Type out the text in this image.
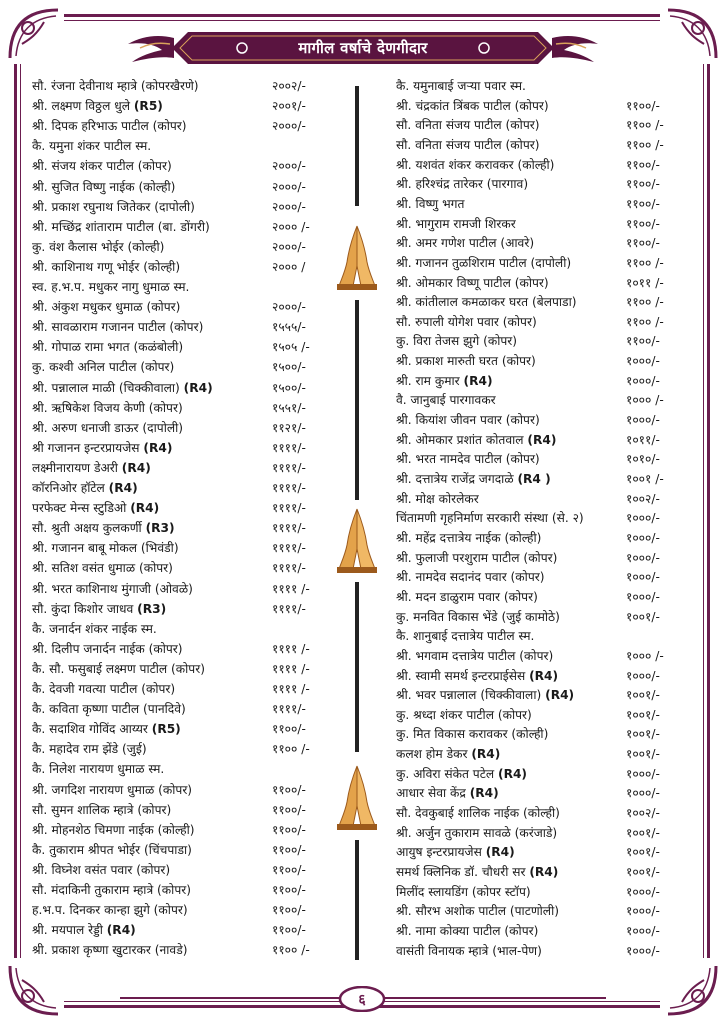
मागील वर्षाचे देणगीदार
सौ. रंजना देवीनाथ म्हात्रे (कोपरखैरणे)	२००२/-
श्री. लक्ष्मण विठ्ठल धुले (R5)	२००१/-
श्री. दिपक हरिभाऊ पाटील (कोपर)	२०००/-
कै. यमुना शंकर पाटील स्म.
श्री. संजय शंकर पाटील (कोपर)	२०००/-
श्री. सुजित विष्णु नाईक (कोल्ही)	२०००/-
श्री. प्रकाश रघुनाथ जितेकर (दापोली)	२०००/-
श्री. मच्छिंद्र शांताराम पाटील (बा. डोंगरी)	२००० /-
कु. वंश कैलास भोईर (कोल्ही)	२०००/-
श्री. काशिनाथ गणू भोईर (कोल्ही)	२००० /
स्व. ह.भ.प. मधुकर नागु धुमाळ स्म.
श्री. अंकुश मधुकर धुमाळ (कोपर)	२०००/-
श्री. सावळाराम गजानन पाटील (कोपर)	१५५५/-
श्री. गोपाळ रामा भगत (कळंबोली)	१५०५ /-
कु. कश्वी अनिल पाटील (कोपर)	१५००/-
श्री. पन्नालाल माळी (चिक्कीवाला) (R4)	१५००/-
श्री. ऋषिकेश विजय केणी (कोपर)	१५५१/-
श्री. अरुण धनाजी डाऊर (दापोली)	११२१/-
श्री गजानन इन्टरप्रायजेस (R4)	११११/-
लक्ष्मीनारायण डेअरी (R4)	११११/-
कॉरनिओर हॉटेल (R4)	११११/-
परफेक्ट मेन्स स्टुडिओ (R4)	११११/-
सौ. श्रुती अक्षय कुलकर्णी (R3)	११११/-
श्री. गजानन बाबू मोकल (भिवंडी)	११११/-
श्री. सतिश वसंत धुमाळ (कोपर)	११११/-
श्री. भरत काशिनाथ मुंगाजी (ओवळे)	११११ /-
सौ. कुंदा किशोर जाधव (R3)	११११/-
कै. जनार्दन शंकर नाईक स्म.
श्री. दिलीप जनार्दन नाईक (कोपर)	११११ /-
कै. सौ. फसुबाई लक्ष्मण पाटील (कोपर)	११११ /-
कै. देवजी गवत्या पाटील (कोपर)	११११ /-
कै. कविता कृष्णा पाटील (पानदिवे)	११११/-
कै. सदाशिव गोविंद आय्यर (R5)	११००/-
कै. महादेव राम झेंडे (जुई)	११०० /-
कै. निलेश नारायण धुमाळ स्म.
श्री. जगदिश नारायण धुमाळ (कोपर)	११००/-
सौ. सुमन शालिक म्हात्रे (कोपर)	११००/-
श्री. मोहनशेठ चिमणा नाईक (कोल्ही)	११००/-
कै. तुकाराम श्रीपत भोईर (चिंचपाडा)	११००/-
श्री. विघ्नेश वसंत पवार (कोपर)	११००/-
सौ. मंदाकिनी तुकाराम म्हात्रे (कोपर)	११००/-
ह.भ.प. दिनकर कान्हा झुगे (कोपर)	११००/-
श्री. मयपाल रेड्डी (R4)	११००/-
श्री. प्रकाश कृष्णा खुटारकर (नावडे)	११०० /-
कै. यमुनाबाई जऱ्या पवार स्म.
श्री. चंद्रकांत त्रिंबक पाटील (कोपर)	११००/-
सौ. वनिता संजय पाटील (कोपर)	११०० /-
सौ. वनिता संजय पाटील (कोपर)	११०० /-
श्री. यशवंत शंकर करावकर (कोल्ही)	११००/-
श्री. हरिश्चंद्र तारेकर (पारगाव)	११००/-
श्री. विष्णु भगत	११००/-
श्री. भागुराम रामजी शिरकर	११००/-
श्री. अमर गणेश पाटील (आवरे)	११००/-
श्री. गजानन तुळशिराम पाटील (दापोली)	११०० /-
श्री. ओमकार विष्णू पाटील (कोपर)	१०११ /-
श्री. कांतीलाल कमळाकर घरत (बेलपाडा)	११०० /-
सौ. रुपाली योगेश पवार (कोपर)	११०० /-
कु. विरा तेजस झुगे (कोपर)	११००/-
श्री. प्रकाश मारुती घरत (कोपर)	१०००/-
श्री. राम कुमार (R4)	१०००/-
वै. जानुबाई पारगावकर	१००० /-
श्री. कियांश जीवन पवार (कोपर)	१०००/-
श्री. ओमकार प्रशांत कोतवाल (R4)	१०११/-
श्री. भरत नामदेव पाटील (कोपर)	१०१०/-
श्री. दत्तात्रेय राजेंद्र जगदाळे (R4 )	१००१ /-
श्री. मोक्ष कोरलेकर	१००२/-
चिंतामणी गृहनिर्माण सरकारी संस्था (से. २)	१०००/-
श्री. महेंद्र दत्तात्रेय नाईक (कोल्ही)	१०००/-
श्री. फुलाजी परशुराम पाटील (कोपर)	१०००/-
श्री. नामदेव सदानंद पवार (कोपर)	१०००/-
श्री. मदन डाळुराम पवार (कोपर)	१०००/-
कु. मनवित विकास भेंडे (जुई कामोठे)	१००१/-
कै. शानुबाई दत्तात्रेय पाटील स्म.
श्री. भगवाम दत्तात्रेय पाटील (कोपर)	१००० /-
श्री. स्वामी समर्थ इन्टरप्राईसेस (R4)	१०००/-
श्री. भवर पन्नालाल (चिक्कीवाला) (R4)	१००१/-
कु. श्रध्दा शंकर पाटील (कोपर)	१००१/-
कु. मित विकास करावकर (कोल्ही)	१००१/-
कलश होम डेकर (R4)	१००१/-
कु. अविरा संकेत पटेल (R4)	१०००/-
आधार सेवा केंद्र (R4)	१०००/-
सौ. देवकुबाई शालिक नाईक (कोल्ही)	१००२/-
श्री. अर्जुन तुकाराम सावळे (करंजाडे)	१००१/-
आयुष इन्टरप्रायजेस (R4)	१००१/-
समर्थ क्लिनिक डॉ. चौधरी सर (R4)	१००१/-
मिलींद स्लायडिंग (कोपर स्टॉप)	१०००/-
श्री. सौरभ अशोक पाटील (पाटणोली)	१०००/-
श्री. नामा कोक्या पाटील (कोपर)	१०००/-
वासंती विनायक म्हात्रे (भाल-पेण)	१०००/-
६
